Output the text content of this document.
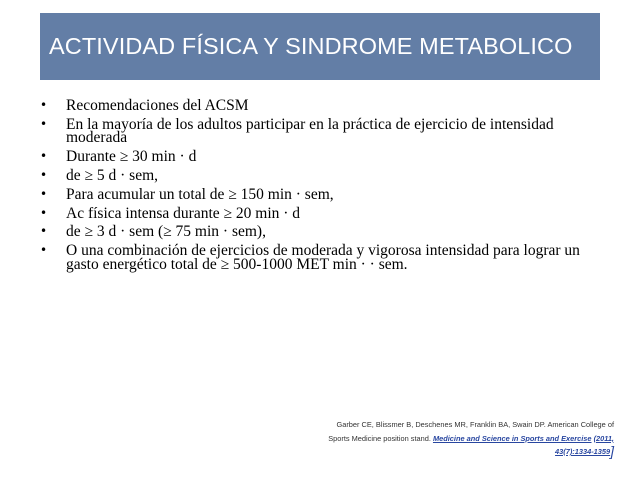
ACTIVIDAD FÍSICA Y SINDROME METABOLICO
• Recomendaciones del ACSM
• En la mayoría de los adultos participar en la práctica de ejercicio de intensidad moderada
• Durante ≥ 30 min · d
• de ≥ 5 d · sem,
• Para acumular un total de ≥ 150 min · sem,
• Ac física intensa durante ≥ 20 min · d
• de ≥ 3 d · sem (≥ 75 min · sem),
• O una combinación de ejercicios de moderada y vigorosa intensidad para lograr un gasto energético total de ≥ 500-1000 MET min · · sem.
Garber CE, Blissmer B, Deschenes MR, Franklin BA, Swain DP. American College of
Sports Medicine position stand. Medicine and Science in Sports and Exercise (2011,
43(7):1334-1359]
